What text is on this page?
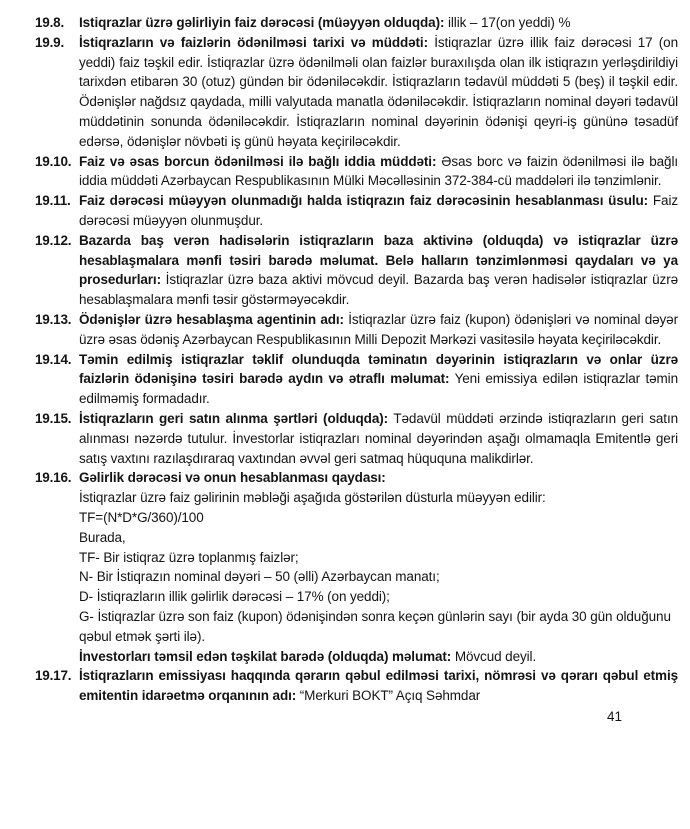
19.8. Istiqrazlar üzrə gəlirliyin faiz dərəcəsi (müəyyən olduqda): illik – 17(on yeddi) %
19.9. İstiqrazların və faizlərin ödənilməsi tarixi və müddəti: İstiqrazlar üzrə illik faiz dərəcəsi 17 (on yeddi) faiz təşkil edir. İstiqrazlar üzrə ödənilməli olan faizlər buraxılışda olan ilk istiqrazın yerləşdirildiyi tarixdən etibarən 30 (otuz) gündən bir ödəniləcəkdir. İstiqrazların tədavül müddəti 5 (beş) il təşkil edir. Ödənişlər nağdsız qaydada, milli valyutada manatla ödəniləcəkdir. İstiqrazların nominal dəyəri tədavül müddətinin sonunda ödəniləcəkdir. İstiqrazların nominal dəyərinin ödənişi qeyri-iş gününə təsadüf edərsə, ödənişlər növbəti iş günü həyata keçiriləcəkdir.
19.10. Faiz və əsas borcun ödənilməsi ilə bağlı iddia müddəti: Əsas borc və faizin ödənilməsi ilə bağlı iddia müddəti Azərbaycan Respublikasının Mülki Məcəlləsinin 372-384-cü maddələri ilə tənzimlənir.
19.11. Faiz dərəcəsi müəyyən olunmadığı halda istiqrazın faiz dərəcəsinin hesablanması üsulu: Faiz dərəcəsi müəyyən olunmuşdur.
19.12. Bazarda baş verən hadisələrin istiqrazların baza aktivinə (olduqda) və istiqrazlar üzrə hesablaşmalara mənfi təsiri barədə məlumat. Belə halların tənzimlənməsi qaydaları və ya prosedurları: İstiqrazlar üzrə baza aktivi mövcud deyil. Bazarda baş verən hadisələr istiqrazlar üzrə hesablaşmalara mənfi təsir göstərməyəcəkdir.
19.13. Ödənişlər üzrə hesablaşma agentinin adı: İstiqrazlar üzrə faiz (kupon) ödənişləri və nominal dəyər üzrə əsas ödəniş Azərbaycan Respublikasının Milli Depozit Mərkəzi vasitəsilə həyata keçiriləcəkdir.
19.14. Təmin edilmiş istiqrazlar təklif olunduqda təminatın dəyərinin istiqrazların və onlar üzrə faizlərin ödənişinə təsiri barədə aydın və ətraflı məlumat: Yeni emissiya edilən istiqrazlar təmin edilməmiş formadadır.
19.15. İstiqrazların geri satın alınma şərtləri (olduqda): Tədavül müddəti ərzində istiqrazların geri satın alınması nəzərdə tutulur. İnvestorlar istiqrazları nominal dəyərindən aşağı olmamaqla Emitentlə geri satış vaxtını razılaşdıraraq vaxtından əvvəl geri satmaq hüququna malikdirlər.
19.16. Gəlirlik dərəcəsi və onun hesablanması qaydası:
İstiqrazlar üzrə faiz gəlirinin məbləği aşağıda göstərilən düsturla müəyyən edilir:
TF=(N*D*G/360)/100
Burada,
TF- Bir istiqraz üzrə toplanmış faizlər;
N- Bir İstiqrazın nominal dəyəri – 50 (əlli) Azərbaycan manatı;
D- İstiqrazların illik gəlirlik dərəcəsi – 17% (on yeddi);
G- İstiqrazlar üzrə son faiz (kupon) ödənişindən sonra keçən günlərin sayı (bir ayda 30 gün olduğunu qəbul etmək şərti ilə).
İnvestorları təmsil edən təşkilat barədə (olduqda) məlumat: Mövcud deyil.
19.17. İstiqrazların emissiyası haqqında qərarın qəbul edilməsi tarixi, nömrəsi və qərarı qəbul etmiş emitentin idarəetmə orqanının adı: “Merkuri BOKT” Açıq Səhmdar
41
